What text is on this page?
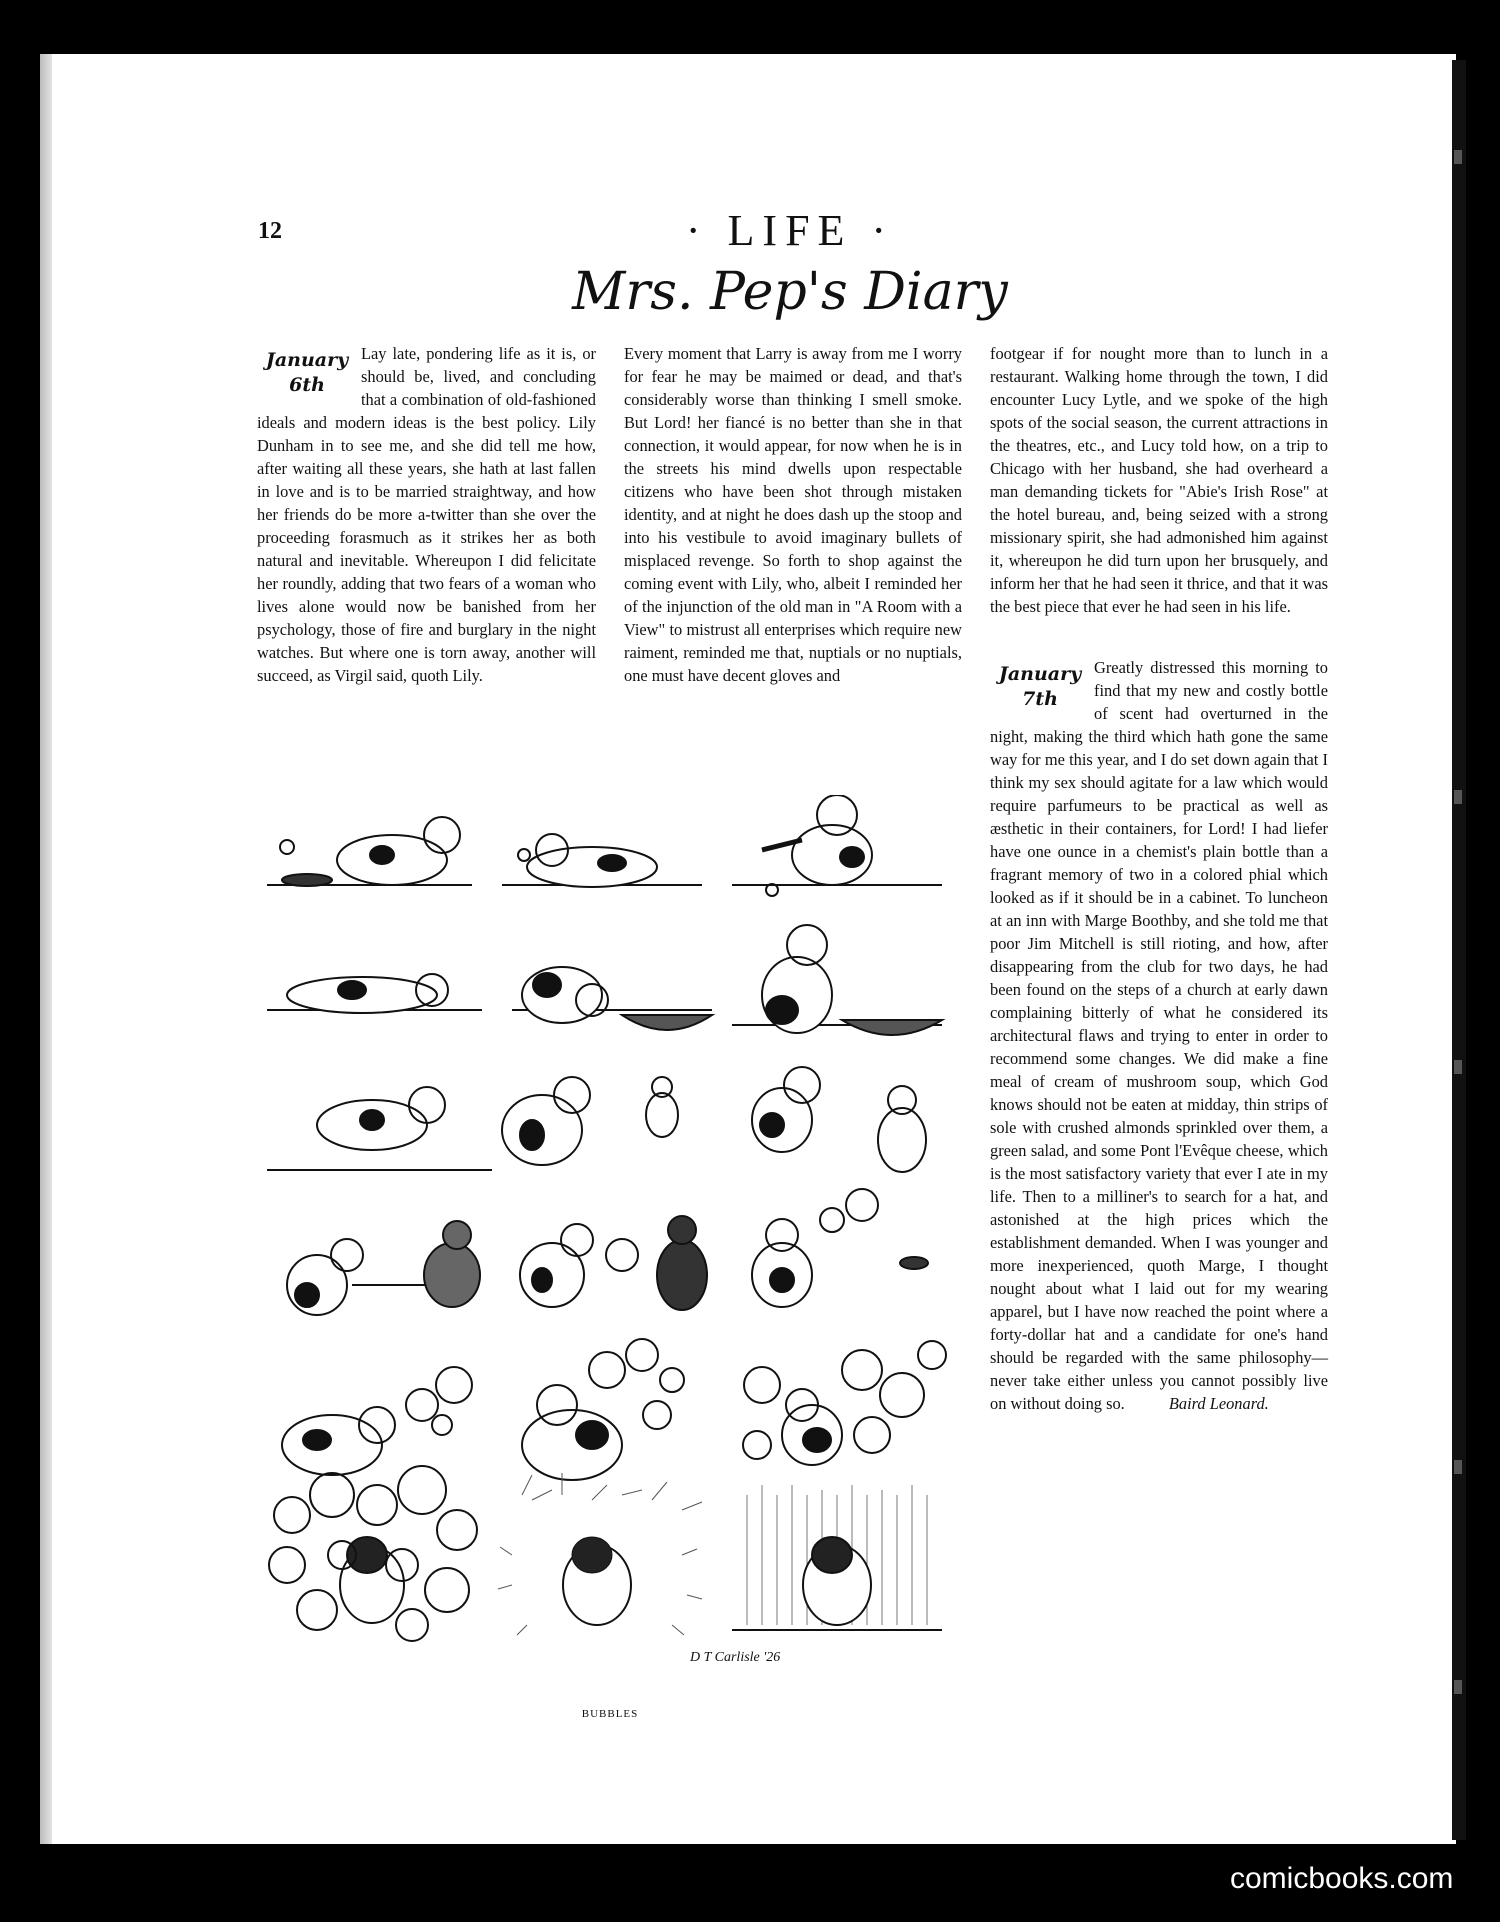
12	· LIFE ·
Mrs. Pep's Diary
January
6th

Lay late, pondering life as it is, or should be, lived, and concluding that a combination of old-fashioned ideals and modern ideas is the best policy. Lily Dunham in to see me, and she did tell me how, after waiting all these years, she hath at last fallen in love and is to be married straightway, and how her friends do be more a-twitter than she over the proceeding forasmuch as it strikes her as both natural and inevitable. Whereupon I did felicitate her roundly, adding that two fears of a woman who lives alone would now be banished from her psychology, those of fire and burglary in the night watches. But where one is torn away, another will succeed, as Virgil said, quoth Lily.

Every moment that Larry is away from me I worry for fear he may be maimed or dead, and that's considerably worse than thinking I smell smoke. But Lord! her fiancé is no better than she in that connection, it would appear, for now when he is in the streets his mind dwells upon respectable citizens who have been shot through mistaken identity, and at night he does dash up the stoop and into his vestibule to avoid imaginary bullets of misplaced revenge. So forth to shop against the coming event with Lily, who, albeit I reminded her of the injunction of the old man in "A Room with a View" to mistrust all enterprises which require new raiment, reminded me that, nuptials or no nuptials, one must have decent gloves and

footgear if for nought more than to lunch in a restaurant. Walking home through the town, I did encounter Lucy Lytle, and we spoke of the high spots of the social season, the current attractions in the theatres, etc., and Lucy told how, on a trip to Chicago with her husband, she had overheard a man demanding tickets for "Abie's Irish Rose" at the hotel bureau, and, being seized with a strong missionary spirit, she had admonished him against it, whereupon he did turn upon her brusquely, and inform her that he had seen it thrice, and that it was the best piece that ever he had seen in his life.

January
7th

Greatly distressed this morning to find that my new and costly bottle of scent had overturned in the night, making the third which hath gone the same way for me this year, and I do set down again that I think my sex should agitate for a law which would require parfumeurs to be practical as well as æsthetic in their containers, for Lord! I had liefer have one ounce in a chemist's plain bottle than a fragrant memory of two in a colored phial which looked as if it should be in a cabinet. To luncheon at an inn with Marge Boothby, and she told me that poor Jim Mitchell is still rioting, and how, after disappearing from the club for two days, he had been found on the steps of a church at early dawn complaining bitterly of what he considered its architectural flaws and trying to enter in order to recommend some changes. We did make a fine meal of cream of mushroom soup, which God knows should not be eaten at midday, thin strips of sole with crushed almonds sprinkled over them, a green salad, and some Pont l'Evêque cheese, which is the most satisfactory variety that ever I ate in my life. Then to a milliner's to search for a hat, and astonished at the high prices which the establishment demanded. When I was younger and more inexperienced, quoth Marge, I thought nought about what I laid out for my wearing apparel, but I have now reached the point where a forty-dollar hat and a candidate for one's hand should be regarded with the same philosophy—never take either unless you cannot possibly live on without doing so.	Baird Leonard.

D T Carlisle '26
BUBBLES
comicbooks.com
